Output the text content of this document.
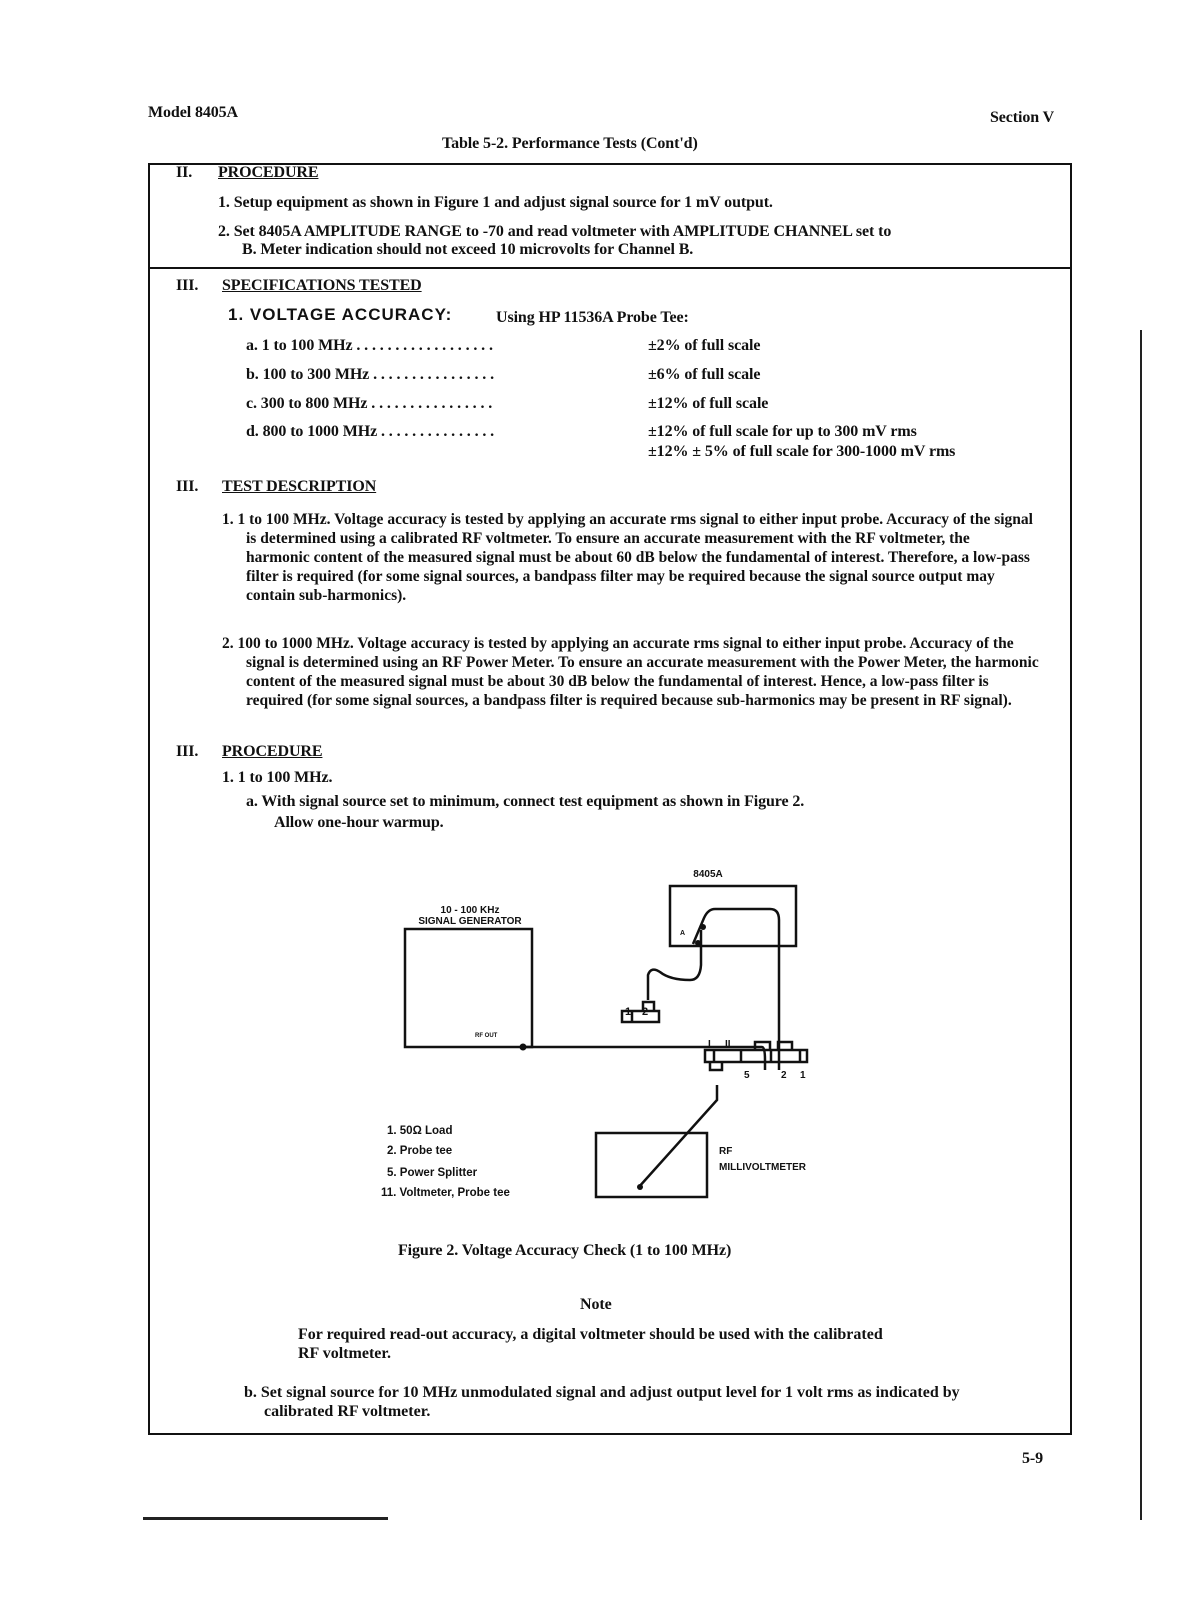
Model 8405A	Section V
Table 5-2. Performance Tests (Cont'd)
II. PROCEDURE
1. Setup equipment as shown in Figure 1 and adjust signal source for 1 mV output.
2. Set 8405A AMPLITUDE RANGE to -70 and read voltmeter with AMPLITUDE CHANNEL set to
B. Meter indication should not exceed 10 microvolts for Channel B.
III. SPECIFICATIONS TESTED
1. VOLTAGE ACCURACY:	Using HP 11536A Probe Tee:
a. 1 to 100 MHz . . . . . . . . . . . . . . . . . .	±2% of full scale
b. 100 to 300 MHz . . . . . . . . . . . . . . . .	±6% of full scale
c. 300 to 800 MHz . . . . . . . . . . . . . . . .	±12% of full scale
d. 800 to 1000 MHz . . . . . . . . . . . . . . .	±12% of full scale for up to 300 mV rms
±12% ± 5% of full scale for 300-1000 mV rms
III. TEST DESCRIPTION
1. 1 to 100 MHz. Voltage accuracy is tested by applying an accurate rms signal to either input probe. Accuracy of the signal is determined using a calibrated RF voltmeter. To ensure an accurate measurement with the RF voltmeter, the harmonic content of the measured signal must be about 60 dB below the fundamental of interest. Therefore, a low-pass filter is required (for some signal sources, a bandpass filter may be required because the signal source output may contain sub-harmonics).
2. 100 to 1000 MHz. Voltage accuracy is tested by applying an accurate rms signal to either input probe. Accuracy of the signal is determined using an RF Power Meter. To ensure an accurate measurement with the Power Meter, the harmonic content of the measured signal must be about 30 dB below the fundamental of interest. Hence, a low-pass filter is required (for some signal sources, a bandpass filter is required because sub-harmonics may be present in RF signal).
III. PROCEDURE
1. 1 to 100 MHz.
a. With signal source set to minimum, connect test equipment as shown in Figure 2.
Allow one-hour warmup.
8405A
10 - 100 KHz
SIGNAL GENERATOR
RF OUT
A
1 2
I II
5	2 1
RF
MILLIVOLTMETER
1. 50Ω Load
2. Probe tee
5. Power Splitter
11. Voltmeter, Probe tee
Figure 2. Voltage Accuracy Check (1 to 100 MHz)
Note
For required read-out accuracy, a digital voltmeter should be used with the calibrated RF voltmeter.
b. Set signal source for 10 MHz unmodulated signal and adjust output level for 1 volt rms as indicated by calibrated RF voltmeter.
5-9
